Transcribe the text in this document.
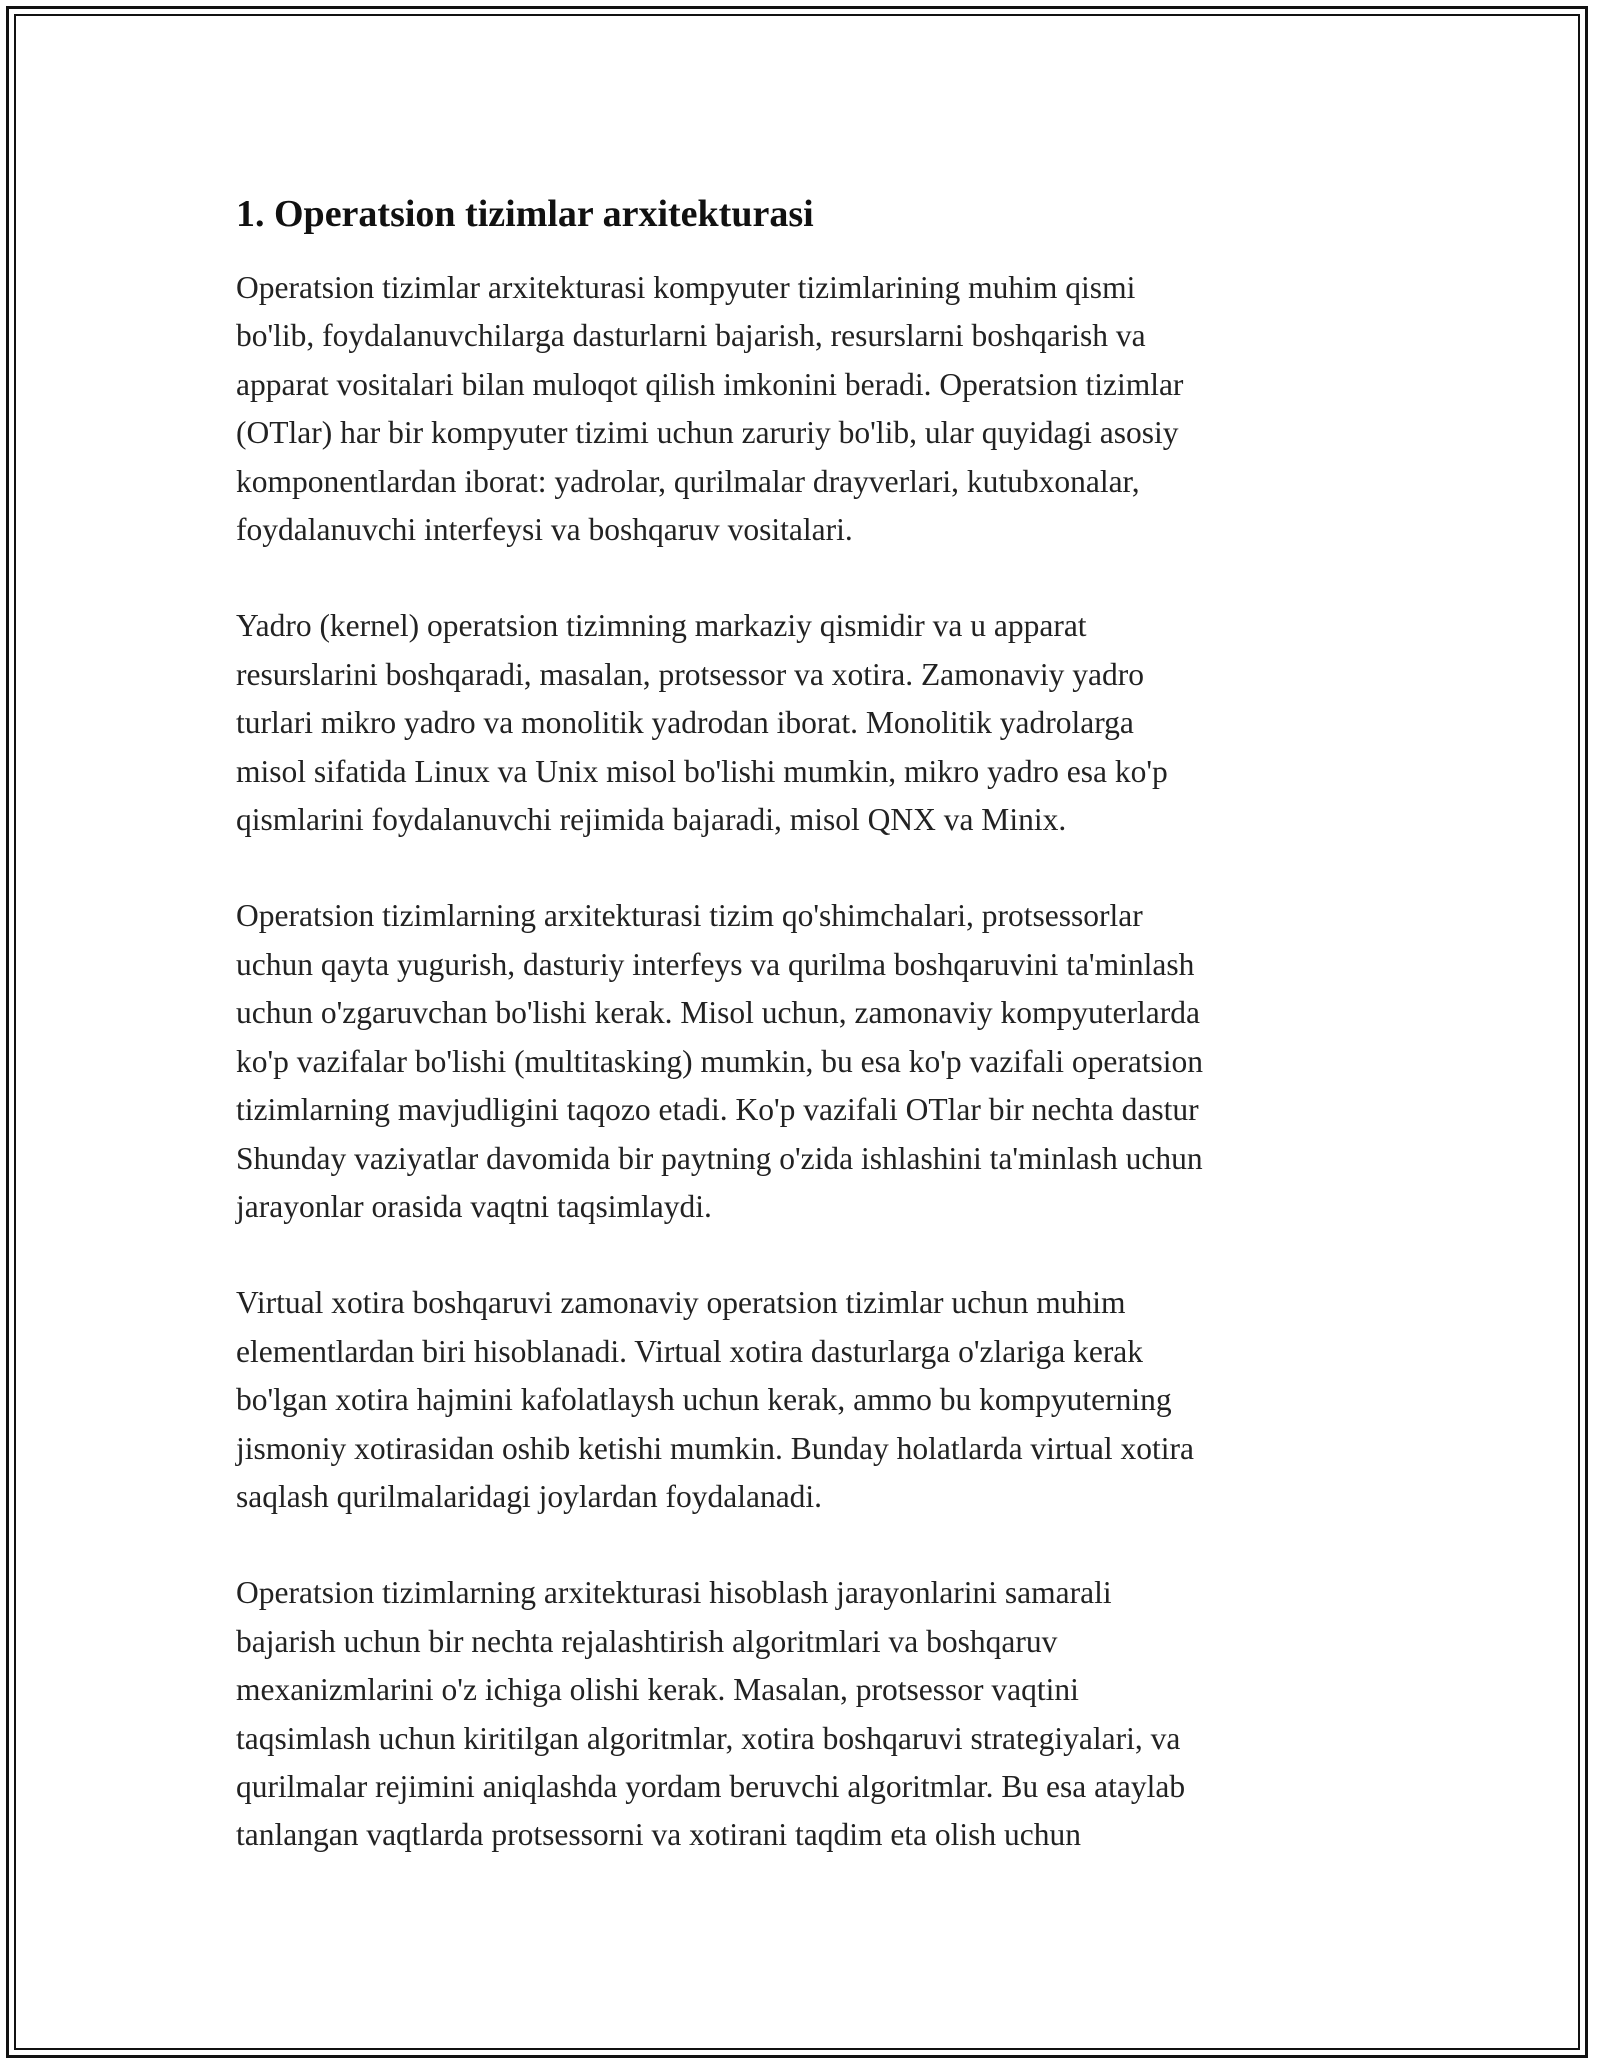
1. Operatsion tizimlar arxitekturasi

Operatsion tizimlar arxitekturasi kompyuter tizimlarining muhim qismi
bo'lib, foydalanuvchilarga dasturlarni bajarish, resurslarni boshqarish va
apparat vositalari bilan muloqot qilish imkonini beradi. Operatsion tizimlar
(OTlar) har bir kompyuter tizimi uchun zaruriy bo'lib, ular quyidagi asosiy
komponentlardan iborat: yadrolar, qurilmalar drayverlari, kutubxonalar,
foydalanuvchi interfeysi va boshqaruv vositalari.

Yadro (kernel) operatsion tizimning markaziy qismidir va u apparat
resurslarini boshqaradi, masalan, protsessor va xotira. Zamonaviy yadro
turlari mikro yadro va monolitik yadrodan iborat. Monolitik yadrolarga
misol sifatida Linux va Unix misol bo'lishi mumkin, mikro yadro esa ko'p
qismlarini foydalanuvchi rejimida bajaradi, misol QNX va Minix.

Operatsion tizimlarning arxitekturasi tizim qo'shimchalari, protsessorlar
uchun qayta yugurish, dasturiy interfeys va qurilma boshqaruvini ta'minlash
uchun o'zgaruvchan bo'lishi kerak. Misol uchun, zamonaviy kompyuterlarda
ko'p vazifalar bo'lishi (multitasking) mumkin, bu esa ko'p vazifali operatsion
tizimlarning mavjudligini taqozo etadi. Ko'p vazifali OTlar bir nechta dastur
Shunday vaziyatlar davomida bir paytning o'zida ishlashini ta'minlash uchun
jarayonlar orasida vaqtni taqsimlaydi.

Virtual xotira boshqaruvi zamonaviy operatsion tizimlar uchun muhim
elementlardan biri hisoblanadi. Virtual xotira dasturlarga o'zlariga kerak
bo'lgan xotira hajmini kafolatlaysh uchun kerak, ammo bu kompyuterning
jismoniy xotirasidan oshib ketishi mumkin. Bunday holatlarda virtual xotira
saqlash qurilmalaridagi joylardan foydalanadi.

Operatsion tizimlarning arxitekturasi hisoblash jarayonlarini samarali
bajarish uchun bir nechta rejalashtirish algoritmlari va boshqaruv
mexanizmlarini o'z ichiga olishi kerak. Masalan, protsessor vaqtini
taqsimlash uchun kiritilgan algoritmlar, xotira boshqaruvi strategiyalari, va
qurilmalar rejimini aniqlashda yordam beruvchi algoritmlar. Bu esa ataylab
tanlangan vaqtlarda protsessorni va xotirani taqdim eta olish uchun
